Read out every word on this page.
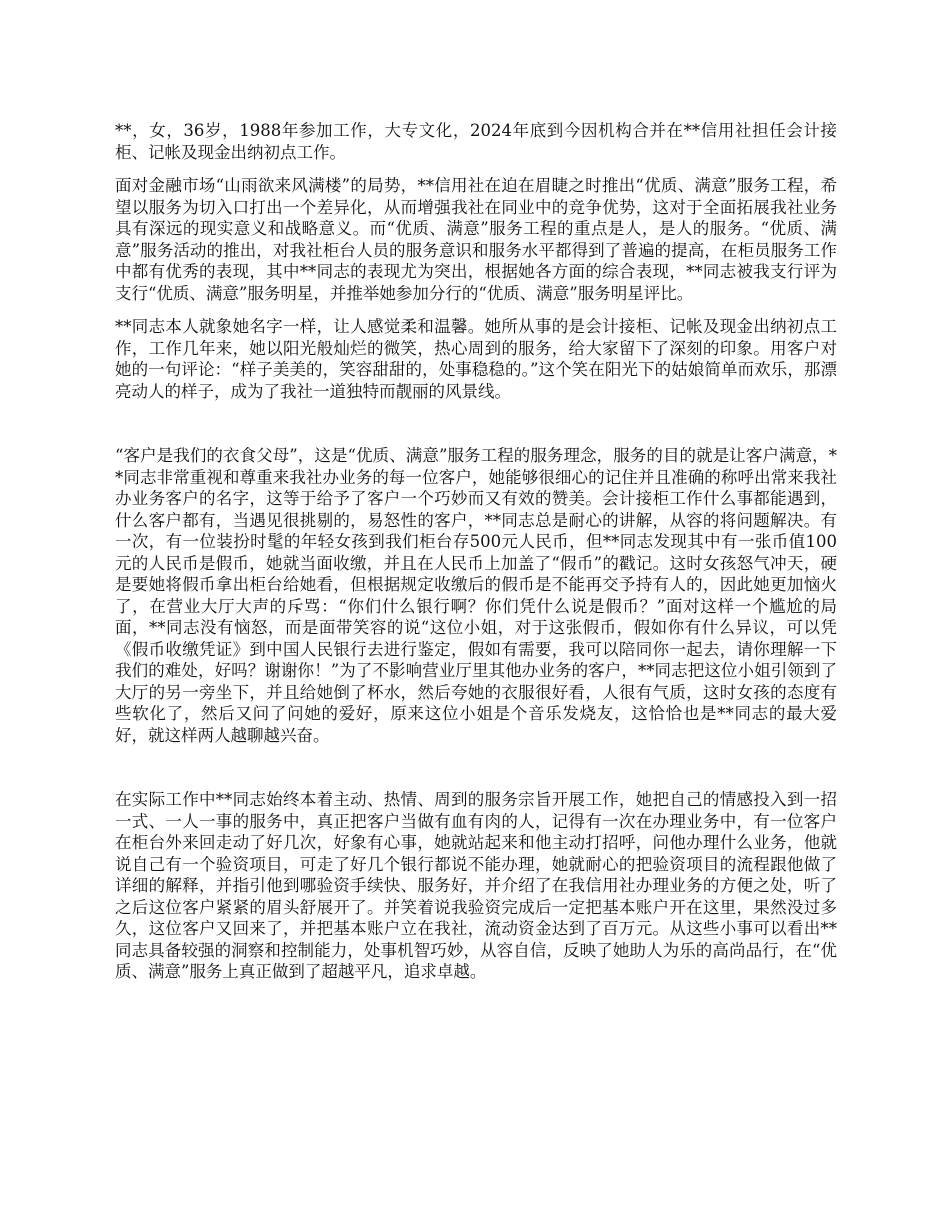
**，女，36岁，1988年参加工作，大专文化，2024年底到今因机构合并在**信用社担任会计接柜、记帐及现金出纳初点工作。

面对金融市场“山雨欲来风满楼”的局势，**信用社在迫在眉睫之时推出“优质、满意”服务工程，希望以服务为切入口打出一个差异化，从而增强我社在同业中的竞争优势，这对于全面拓展我社业务具有深远的现实意义和战略意义。而“优质、满意”服务工程的重点是人，是人的服务。“优质、满意”服务活动的推出，对我社柜台人员的服务意识和服务水平都得到了普遍的提高，在柜员服务工作中都有优秀的表现，其中**同志的表现尤为突出，根据她各方面的综合表现，**同志被我支行评为支行“优质、满意”服务明星，并推举她参加分行的“优质、满意”服务明星评比。

**同志本人就象她名字一样，让人感觉柔和温馨。她所从事的是会计接柜、记帐及现金出纳初点工作，工作几年来，她以阳光般灿烂的微笑，热心周到的服务，给大家留下了深刻的印象。用客户对她的一句评论：“样子美美的，笑容甜甜的，处事稳稳的。”这个笑在阳光下的姑娘简单而欢乐，那漂亮动人的样子，成为了我社一道独特而靓丽的风景线。

“客户是我们的衣食父母”，这是“优质、满意”服务工程的服务理念，服务的目的就是让客户满意，**同志非常重视和尊重来我社办业务的每一位客户，她能够很细心的记住并且准确的称呼出常来我社办业务客户的名字，这等于给予了客户一个巧妙而又有效的赞美。会计接柜工作什么事都能遇到，什么客户都有，当遇见很挑剔的，易怒性的客户，**同志总是耐心的讲解，从容的将问题解决。有一次，有一位装扮时髦的年轻女孩到我们柜台存500元人民币，但**同志发现其中有一张币值100元的人民币是假币，她就当面收缴，并且在人民币上加盖了“假币”的戳记。这时女孩怒气冲天，硬是要她将假币拿出柜台给她看，但根据规定收缴后的假币是不能再交予持有人的，因此她更加恼火了，在营业大厅大声的斥骂：“你们什么银行啊？你们凭什么说是假币？”面对这样一个尴尬的局面，**同志没有恼怒，而是面带笑容的说“这位小姐，对于这张假币，假如你有什么异议，可以凭《假币收缴凭证》到中国人民银行去进行鉴定，假如有需要，我可以陪同你一起去，请你理解一下我们的难处，好吗？谢谢你！”为了不影响营业厅里其他办业务的客户，**同志把这位小姐引领到了大厅的另一旁坐下，并且给她倒了杯水，然后夸她的衣服很好看，人很有气质，这时女孩的态度有些软化了，然后又问了问她的爱好，原来这位小姐是个音乐发烧友，这恰恰也是**同志的最大爱好，就这样两人越聊越兴奋。

在实际工作中**同志始终本着主动、热情、周到的服务宗旨开展工作，她把自己的情感投入到一招一式、一人一事的服务中，真正把客户当做有血有肉的人，记得有一次在办理业务中，有一位客户在柜台外来回走动了好几次，好象有心事，她就站起来和他主动打招呼，问他办理什么业务，他就说自己有一个验资项目，可走了好几个银行都说不能办理，她就耐心的把验资项目的流程跟他做了详细的解释，并指引他到哪验资手续快、服务好，并介绍了在我信用社办理业务的方便之处，听了之后这位客户紧紧的眉头舒展开了。并笑着说我验资完成后一定把基本账户开在这里，果然没过多久，这位客户又回来了，并把基本账户立在我社，流动资金达到了百万元。从这些小事可以看出**同志具备较强的洞察和控制能力，处事机智巧妙，从容自信，反映了她助人为乐的高尚品行，在“优质、满意”服务上真正做到了超越平凡，追求卓越。
